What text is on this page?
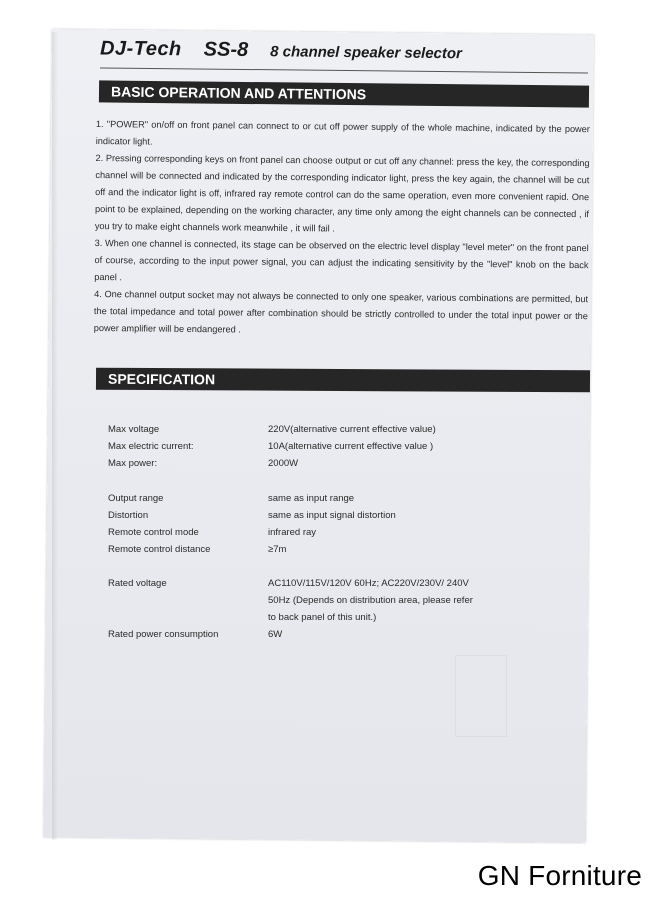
DJ-Tech SS-8 8 channel speaker selector
BASIC OPERATION AND ATTENTIONS

1. "POWER" on/off on front panel can connect to or cut off power supply of the whole machine, indicated by the power indicator light.

2. Pressing corresponding keys on front panel can choose output or cut off any channel: press the key, the corresponding channel will be connected and indicated by the corresponding indicator light, press the key again, the channel will be cut off and the indicator light is off, infrared ray remote control can do the same operation, even more convenient rapid. One point to be explained, depending on the working character, any time only among the eight channels can be connected , if you try to make eight channels work meanwhile , it will fail .

3. When one channel is connected, its stage can be observed on the electric level display "level meter" on the front panel of course, according to the input power signal, you can adjust the indicating sensitivity by the "level" knob on the back panel .

4. One channel output socket may not always be connected to only one speaker, various combinations are permitted, but the total impedance and total power after combination should be strictly controlled to under the total input power or the power amplifier will be endangered .

SPECIFICATION
Max voltage	220V(alternative current effective value)
Max electric current:	10A(alternative current effective value )
Max power:	2000W
Output range	same as input range
Distortion	same as input signal distortion
Remote control mode	infrared ray
Remote control distance	≥7m
Rated voltage	AC110V/115V/120V 60Hz; AC220V/230V/ 240V 50Hz (Depends on distribution area, please refer to back panel of this unit.)
Rated power consumption	6W
GN Forniture
